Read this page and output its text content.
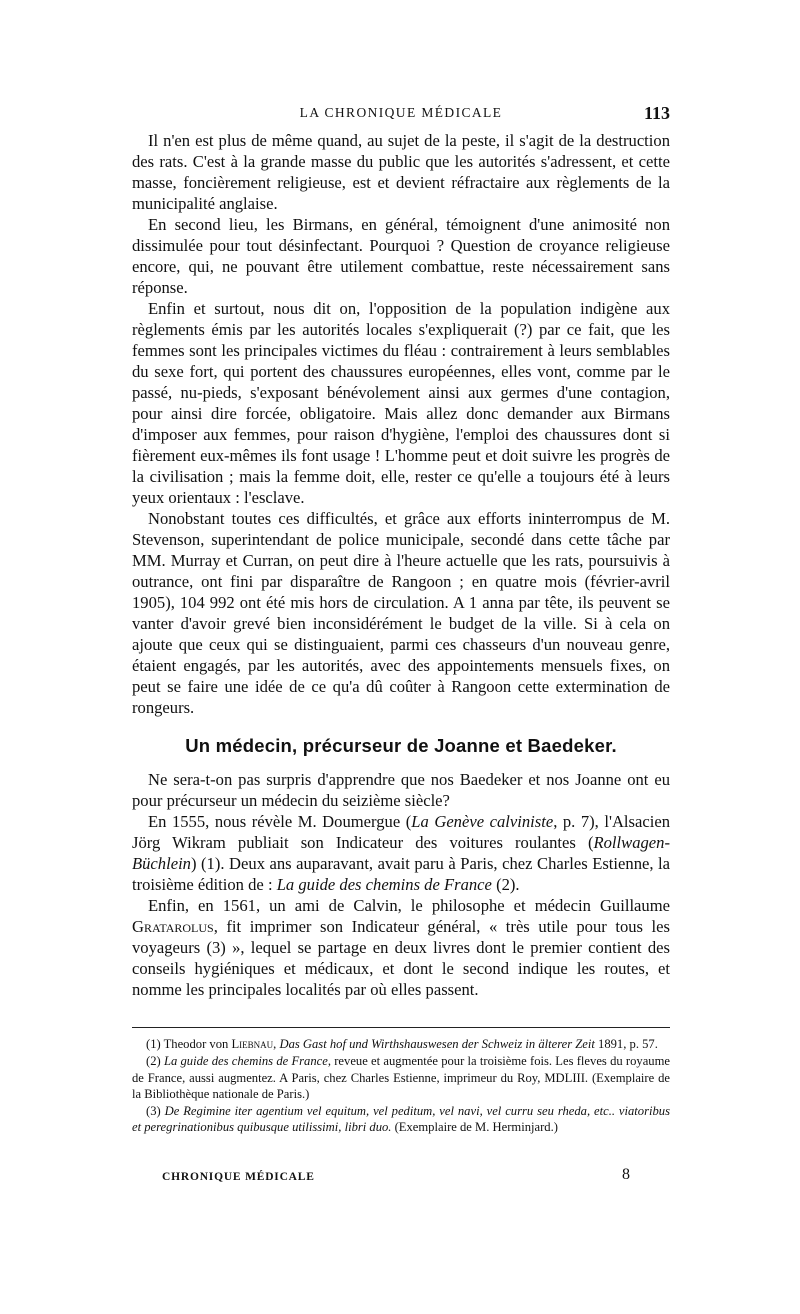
LA CHRONIQUE MÉDICALE	113

Il n'en est plus de même quand, au sujet de la peste, il s'agit de la destruction des rats. C'est à la grande masse du public que les autorités s'adressent, et cette masse, foncièrement religieuse, est et devient réfractaire aux règlements de la municipalité anglaise.

En second lieu, les Birmans, en général, témoignent d'une animosité non dissimulée pour tout désinfectant. Pourquoi ? Question de croyance religieuse encore, qui, ne pouvant être utilement combattue, reste nécessairement sans réponse.

Enfin et surtout, nous dit on, l'opposition de la population indigène aux règlements émis par les autorités locales s'expliquerait (?) par ce fait, que les femmes sont les principales victimes du fléau : contrairement à leurs semblables du sexe fort, qui portent des chaussures européennes, elles vont, comme par le passé, nu-pieds, s'exposant bénévolement ainsi aux germes d'une contagion, pour ainsi dire forcée, obligatoire. Mais allez donc demander aux Birmans d'imposer aux femmes, pour raison d'hygiène, l'emploi des chaussures dont si fièrement eux-mêmes ils font usage ! L'homme peut et doit suivre les progrès de la civilisation ; mais la femme doit, elle, rester ce qu'elle a toujours été à leurs yeux orientaux : l'esclave.

Nonobstant toutes ces difficultés, et grâce aux efforts ininterrompus de M. Stevenson, superintendant de police municipale, secondé dans cette tâche par MM. Murray et Curran, on peut dire à l'heure actuelle que les rats, poursuivis à outrance, ont fini par disparaître de Rangoon ; en quatre mois (février-avril 1905), 104 992 ont été mis hors de circulation. A 1 anna par tête, ils peuvent se vanter d'avoir grevé bien inconsidérément le budget de la ville. Si à cela on ajoute que ceux qui se distinguaient, parmi ces chasseurs d'un nouveau genre, étaient engagés, par les autorités, avec des appointements mensuels fixes, on peut se faire une idée de ce qu'a dû coûter à Rangoon cette extermination de rongeurs.

Un médecin, précurseur de Joanne et Baedeker.

Ne sera-t-on pas surpris d'apprendre que nos Baedeker et nos Joanne ont eu pour précurseur un médecin du seizième siècle?

En 1555, nous révèle M. Doumergue (La Genève calviniste, p. 7), l'Alsacien Jörg Wikram publiait son Indicateur des voitures roulantes (Rollwagen-Büchlein) (1). Deux ans auparavant, avait paru à Paris, chez Charles Estienne, la troisième édition de : La guide des chemins de France (2).

Enfin, en 1561, un ami de Calvin, le philosophe et médecin Guillaume Gratarolus, fit imprimer son Indicateur général, « très utile pour tous les voyageurs (3) », lequel se partage en deux livres dont le premier contient des conseils hygiéniques et médicaux, et dont le second indique les routes, et nomme les principales localités par où elles passent.

(1) Theodor von Liebnau, Das Gast hof und Wirthshauswesen der Schweiz in älterer Zeit 1891, p. 57.

(2) La guide des chemins de France, reveue et augmentée pour la troisième fois. Les fleves du royaume de France, aussi augmentez. A Paris, chez Charles Estienne, imprimeur du Roy, MDLIII. (Exemplaire de la Bibliothèque nationale de Paris.)

(3) De Regimine iter agentium vel equitum, vel peditum, vel navi, vel curru seu rheda, etc.. viatoribus et peregrinationibus quibusque utilissimi, libri duo. (Exemplaire de M. Herminjard.)

CHRONIQUE MÉDICALE	8
